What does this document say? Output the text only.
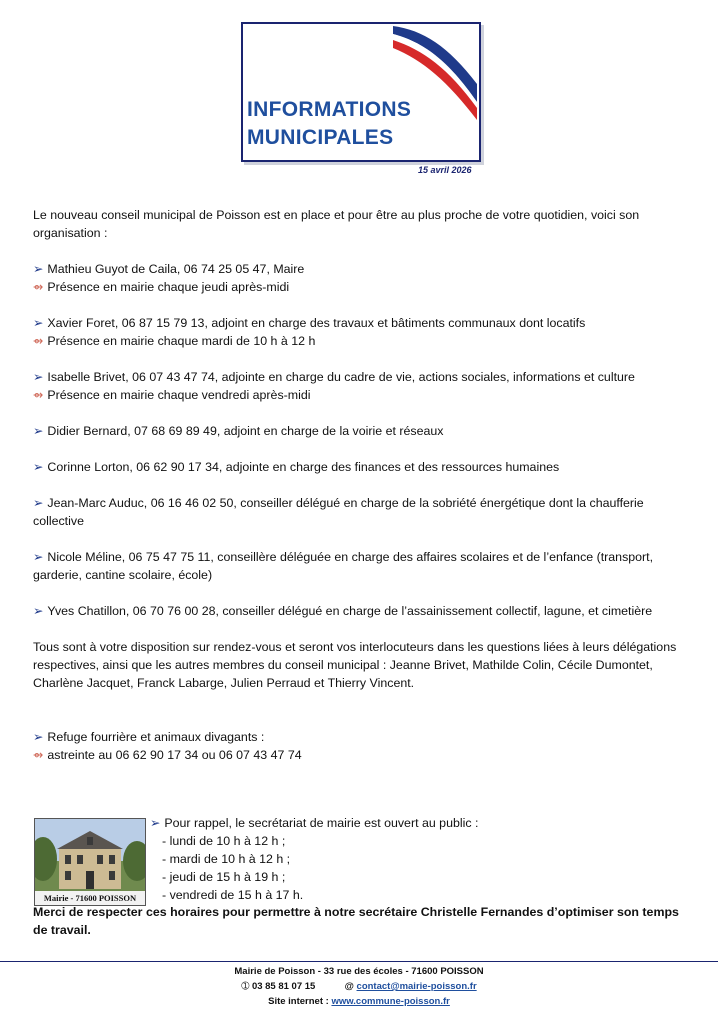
INFORMATIONS
MUNICIPALES
15 avril 2026

Le nouveau conseil municipal de Poisson est en place et pour être au plus proche de votre quotidien, voici son organisation :

➢ Mathieu Guyot de Caila, 06 74 25 05 47, Maire

⇴ Présence en mairie chaque jeudi après-midi

➢ Xavier Foret, 06 87 15 79 13, adjoint en charge des travaux et bâtiments communaux dont locatifs

⇴ Présence en mairie chaque mardi de 10 h à 12 h

➢ Isabelle Brivet, 06 07 43 47 74, adjointe en charge du cadre de vie, actions sociales, informations et culture

⇴ Présence en mairie chaque vendredi après-midi

➢ Didier Bernard, 07 68 69 89 49, adjoint en charge de la voirie et réseaux

➢ Corinne Lorton, 06 62 90 17 34, adjointe en charge des finances et des ressources humaines

➢ Jean-Marc Auduc, 06 16 46 02 50, conseiller délégué en charge de la sobriété énergétique dont la chaufferie collective

➢ Nicole Méline, 06 75 47 75 11, conseillère déléguée en charge des affaires scolaires et de l’enfance (transport, garderie, cantine scolaire, école)

➢ Yves Chatillon, 06 70 76 00 28, conseiller délégué en charge de l’assainissement collectif, lagune, et cimetière

Tous sont à votre disposition sur rendez-vous et seront vos interlocuteurs dans les questions liées à leurs délégations respectives, ainsi que les autres membres du conseil municipal : Jeanne Brivet, Mathilde Colin, Cécile Dumontet, Charlène Jacquet, Franck Labarge, Julien Perraud et Thierry Vincent.

➢ Refuge fourrière et animaux divagants :

⇴ astreinte au 06 62 90 17 34 ou 06 07 43 47 74

Mairie - 71600 POISSON
➢ Pour rappel, le secrétariat de mairie est ouvert au public :
- lundi de 10 h à 12 h ;
- mardi de 10 h à 12 h ;
- jeudi de 15 h à 19 h ;
- vendredi de 15 h à 17 h.
Merci de respecter ces horaires pour permettre à notre secrétaire Christelle Fernandes d’optimiser son temps de travail.
Mairie de Poisson - 33 rue des écoles - 71600 POISSON
➀ 03 85 81 07 15	@ contact@mairie-poisson.fr
Site internet : www.commune-poisson.fr
